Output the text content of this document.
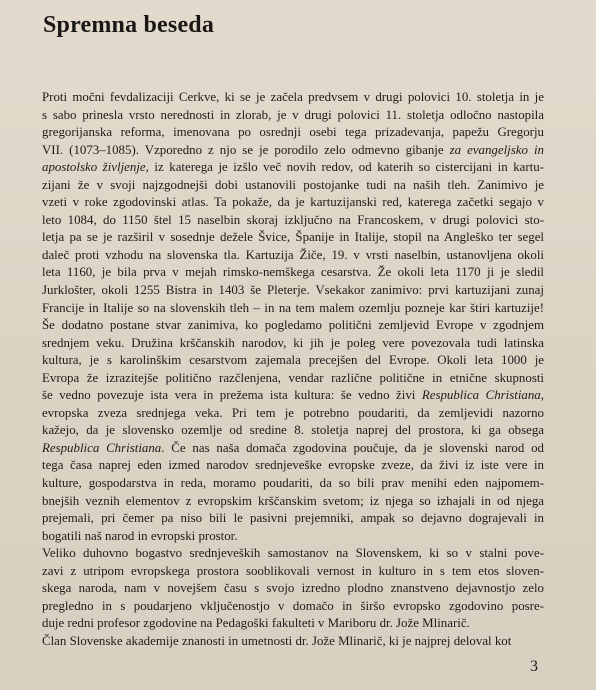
Spremna beseda
Proti močni fevdalizaciji Cerkve, ki se je začela predvsem v drugi polovici 10. stoletja in je
s sabo prinesla vrsto nerednosti in zlorab, je v drugi polovici 11. stoletja odločno nastopila
gregorijanska reforma, imenovana po osrednji osebi tega prizadevanja, papežu Gregorju
VII. (1073–1085). Vzporedno z njo se je porodilo zelo odmevno gibanje za evangeljsko in
apostolsko življenje, iz katerega je izšlo več novih redov, od katerih so cistercijani in kartu-
zijani že v svoji najzgodnejši dobi ustanovili postojanke tudi na naših tleh. Zanimivo je
vzeti v roke zgodovinski atlas. Ta pokaže, da je kartuzijanski red, katerega začetki segajo v
leto 1084, do 1150 štel 15 naselbin skoraj izključno na Francoskem, v drugi polovici sto-
letja pa se je razširil v sosednje dežele Švice, Španije in Italije, stopil na Angleško ter segel
daleč proti vzhodu na slovenska tla. Kartuzija Žiče, 19. v vrsti naselbin, ustanovljena okoli
leta 1160, je bila prva v mejah rimsko-nemškega cesarstva. Že okoli leta 1170 ji je sledil
Jurklošter, okoli 1255 Bistra in 1403 še Pleterje. Vsekakor zanimivo: prvi kartuzijani zunaj
Francije in Italije so na slovenskih tleh – in na tem malem ozemlju pozneje kar štiri kartuzije!
Še dodatno postane stvar zanimiva, ko pogledamo politični zemljevid Evrope v zgodnjem
srednjem veku. Družina krščanskih narodov, ki jih je poleg vere povezovala tudi latinska
kultura, je s karolinškim cesarstvom zajemala precejšen del Evrope. Okoli leta 1000 je
Evropa že izrazitejše politično razčlenjena, vendar različne politične in etnične skupnosti
še vedno povezuje ista vera in prežema ista kultura: še vedno živi Respublica Christiana,
evropska zveza srednjega veka. Pri tem je potrebno poudariti, da zemljevidi nazorno
kažejo, da je slovensko ozemlje od sredine 8. stoletja naprej del prostora, ki ga obsega
Respublica Christiana. Če nas naša domača zgodovina poučuje, da je slovenski narod od
tega časa naprej eden izmed narodov srednjeveške evropske zveze, da živi iz iste vere in
kulture, gospodarstva in reda, moramo poudariti, da so bili prav menihi eden najpomem-
bnejših veznih elementov z evropskim krščanskim svetom; iz njega so izhajali in od njega
prejemali, pri čemer pa niso bili le pasivni prejemniki, ampak so dejavno dograjevali in
bogatili naš narod in evropski prostor.
Veliko duhovno bogastvo srednjeveških samostanov na Slovenskem, ki so v stalni pove-
zavi z utripom evropskega prostora sooblikovali vernost in kulturo in s tem etos sloven-
skega naroda, nam v novejšem času s svojo izredno plodno znanstveno dejavnostjo zelo
pregledno in s poudarjeno vključenostjo v domačo in širšo evropsko zgodovino posre-
duje redni profesor zgodovine na Pedagoški fakulteti v Mariboru dr. Jože Mlinarič.
Član Slovenske akademije znanosti in umetnosti dr. Jože Mlinarič, ki je najprej deloval kot
3
